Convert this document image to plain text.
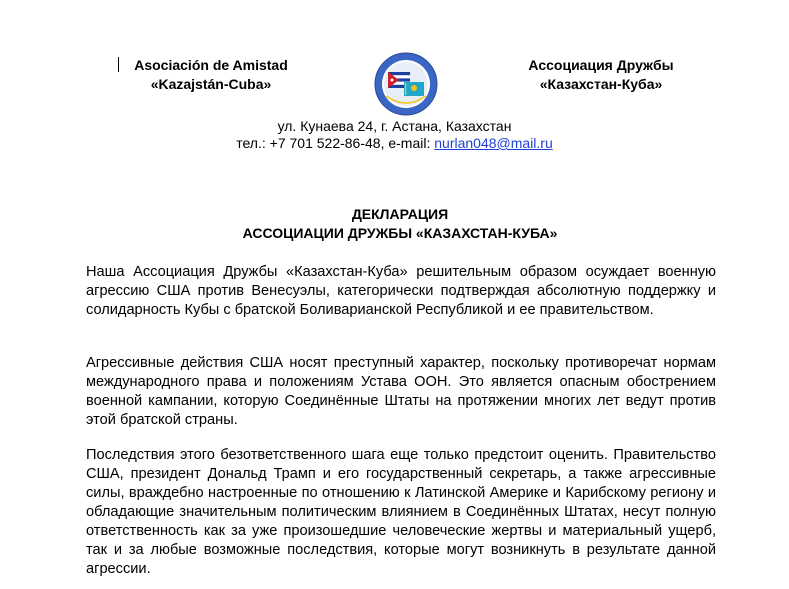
Asociación de Amistad
«Kazajstán-Cuba»
Ассоциация Дружбы
«Казахстан-Куба»
ул. Кунаева 24, г. Астана, Казахстан
тел.: +7 701 522-86-48, e-mail: nurlan048@mail.ru
ДЕКЛАРАЦИЯ
АССОЦИАЦИИ ДРУЖБЫ «КАЗАХСТАН-КУБА»
Наша Ассоциация Дружбы «Казахстан-Куба» решительным образом осуждает военную агрессию США против Венесуэлы, категорически подтверждая абсолютную поддержку и солидарность Кубы с братской Боливарианской Республикой и ее правительством.
Агрессивные действия США носят преступный характер, поскольку противоречат нормам международного права и положениям Устава ООН. Это является опасным обострением военной кампании, которую Соединённые Штаты на протяжении многих лет ведут против этой братской страны.
Последствия этого безответственного шага еще только предстоит оценить. Правительство США, президент Дональд Трамп и его государственный секретарь, а также агрессивные силы, враждебно настроенные по отношению к Латинской Америке и Карибскому региону и обладающие значительным политическим влиянием в Соединённых Штатах, несут полную ответственность как за уже произошедшие человеческие жертвы и материальный ущерб, так и за любые возможные последствия, которые могут возникнуть в результате данной агрессии.
